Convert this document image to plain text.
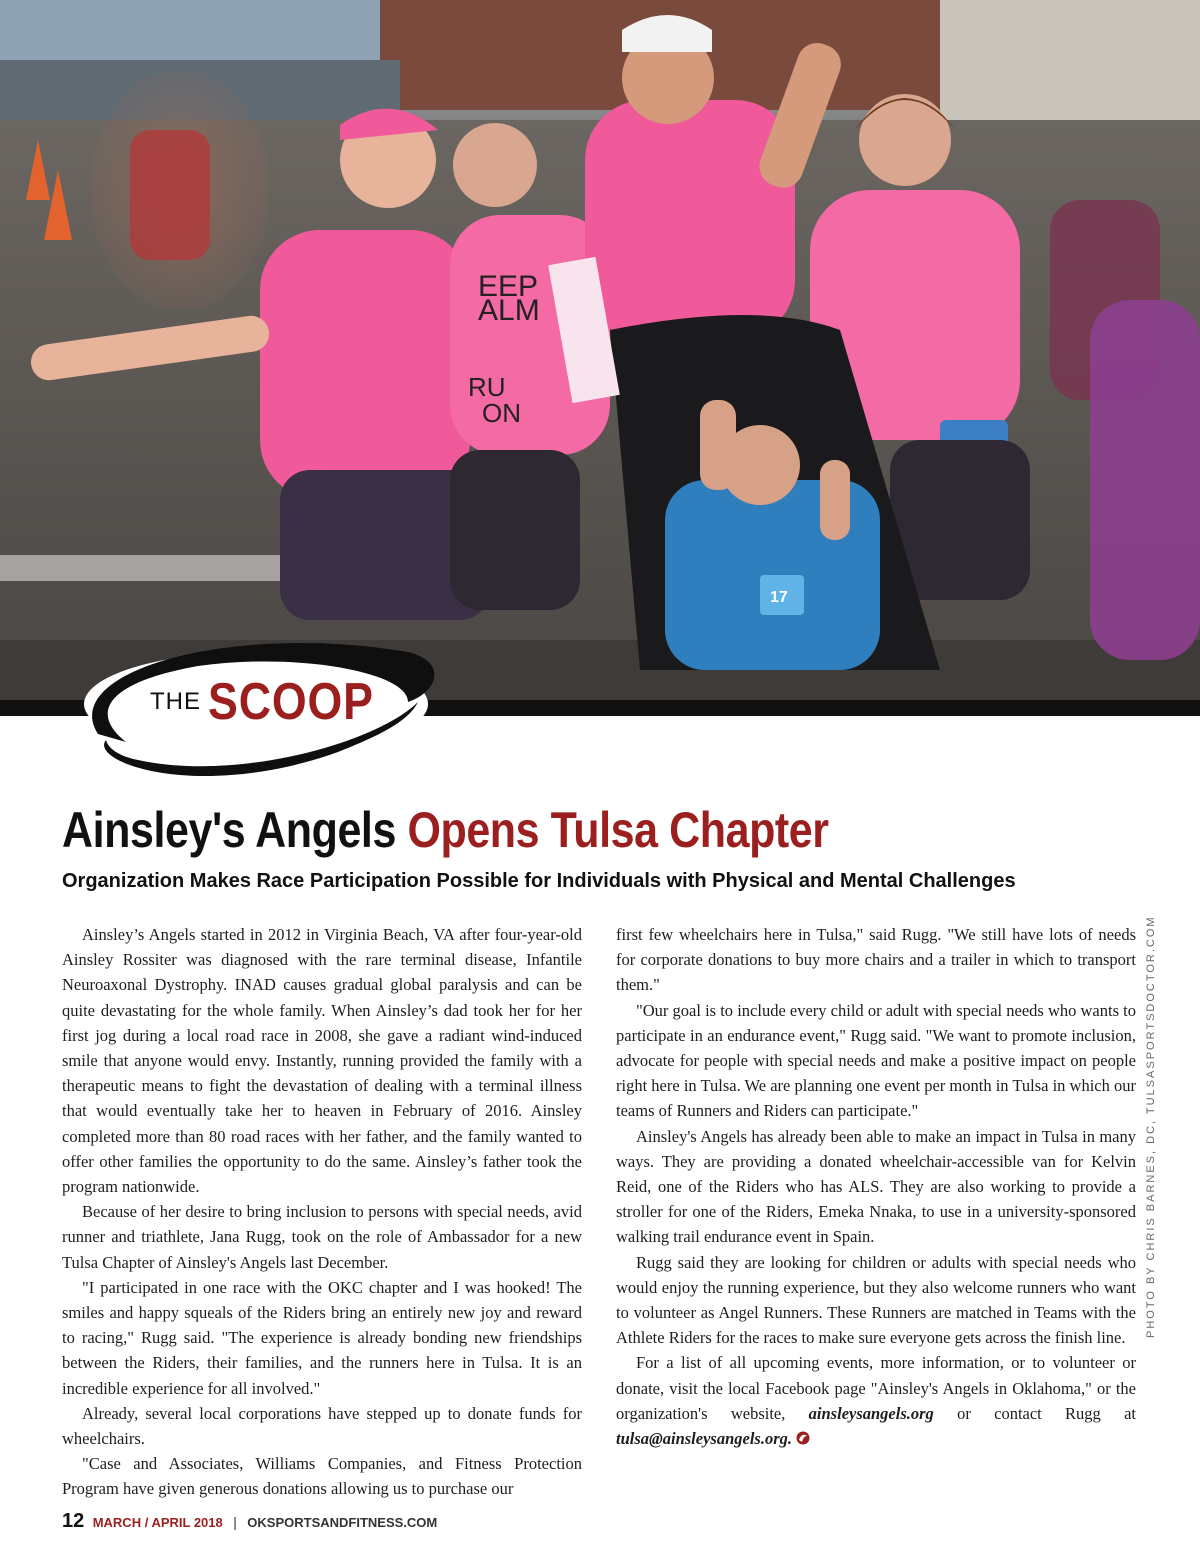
EEP
ALM
RU
ON
17
THE SCOOP
Ainsley's Angels Opens Tulsa Chapter
Organization Makes Race Participation Possible for Individuals with Physical and Mental Challenges

Ainsley’s Angels started in 2012 in Virginia Beach, VA after four-year-old Ainsley Rossiter was diagnosed with the rare terminal disease, Infantile Neuroaxonal Dystrophy. INAD causes gradual global paralysis and can be quite devastating for the whole family. When Ainsley’s dad took her for her first jog during a local road race in 2008, she gave a radiant wind-induced smile that anyone would envy. Instantly, running provided the family with a therapeutic means to fight the devastation of dealing with a terminal illness that would eventually take her to heaven in February of 2016. Ainsley completed more than 80 road races with her father, and the family wanted to offer other families the opportunity to do the same. Ainsley’s father took the program nationwide.

Because of her desire to bring inclusion to persons with special needs, avid runner and triathlete, Jana Rugg, took on the role of Ambassador for a new Tulsa Chapter of Ainsley's Angels last December.

"I participated in one race with the OKC chapter and I was hooked! The smiles and happy squeals of the Riders bring an entirely new joy and reward to racing," Rugg said. "The experience is already bonding new friendships between the Riders, their families, and the runners here in Tulsa. It is an incredible experience for all involved."

Already, several local corporations have stepped up to donate funds for wheelchairs.

"Case and Associates, Williams Companies, and Fitness Protection Program have given generous donations allowing us to purchase our

first few wheelchairs here in Tulsa," said Rugg. "We still have lots of needs for corporate donations to buy more chairs and a trailer in which to transport them."

"Our goal is to include every child or adult with special needs who wants to participate in an endurance event," Rugg said. "We want to promote inclusion, advocate for people with special needs and make a positive impact on people right here in Tulsa. We are planning one event per month in Tulsa in which our teams of Runners and Riders can participate."

Ainsley's Angels has already been able to make an impact in Tulsa in many ways. They are providing a donated wheelchair-accessible van for Kelvin Reid, one of the Riders who has ALS. They are also working to provide a stroller for one of the Riders, Emeka Nnaka, to use in a university-sponsored walking trail endurance event in Spain.

Rugg said they are looking for children or adults with special needs who would enjoy the running experience, but they also welcome runners who want to volunteer as Angel Runners. These Runners are matched in Teams with the Athlete Riders for the races to make sure everyone gets across the finish line.

For a list of all upcoming events, more information, or to volunteer or donate, visit the local Facebook page "Ainsley's Angels in Oklahoma," or the organization's website, ainsleysangels.org or contact Rugg at tulsa@ainsleysangels.org.

PHOTO BY CHRIS BARNES, DC, TULSASPORTSDOCTOR.COM
12 MARCH / APRIL 2018 | OKSPORTSANDFITNESS.COM
